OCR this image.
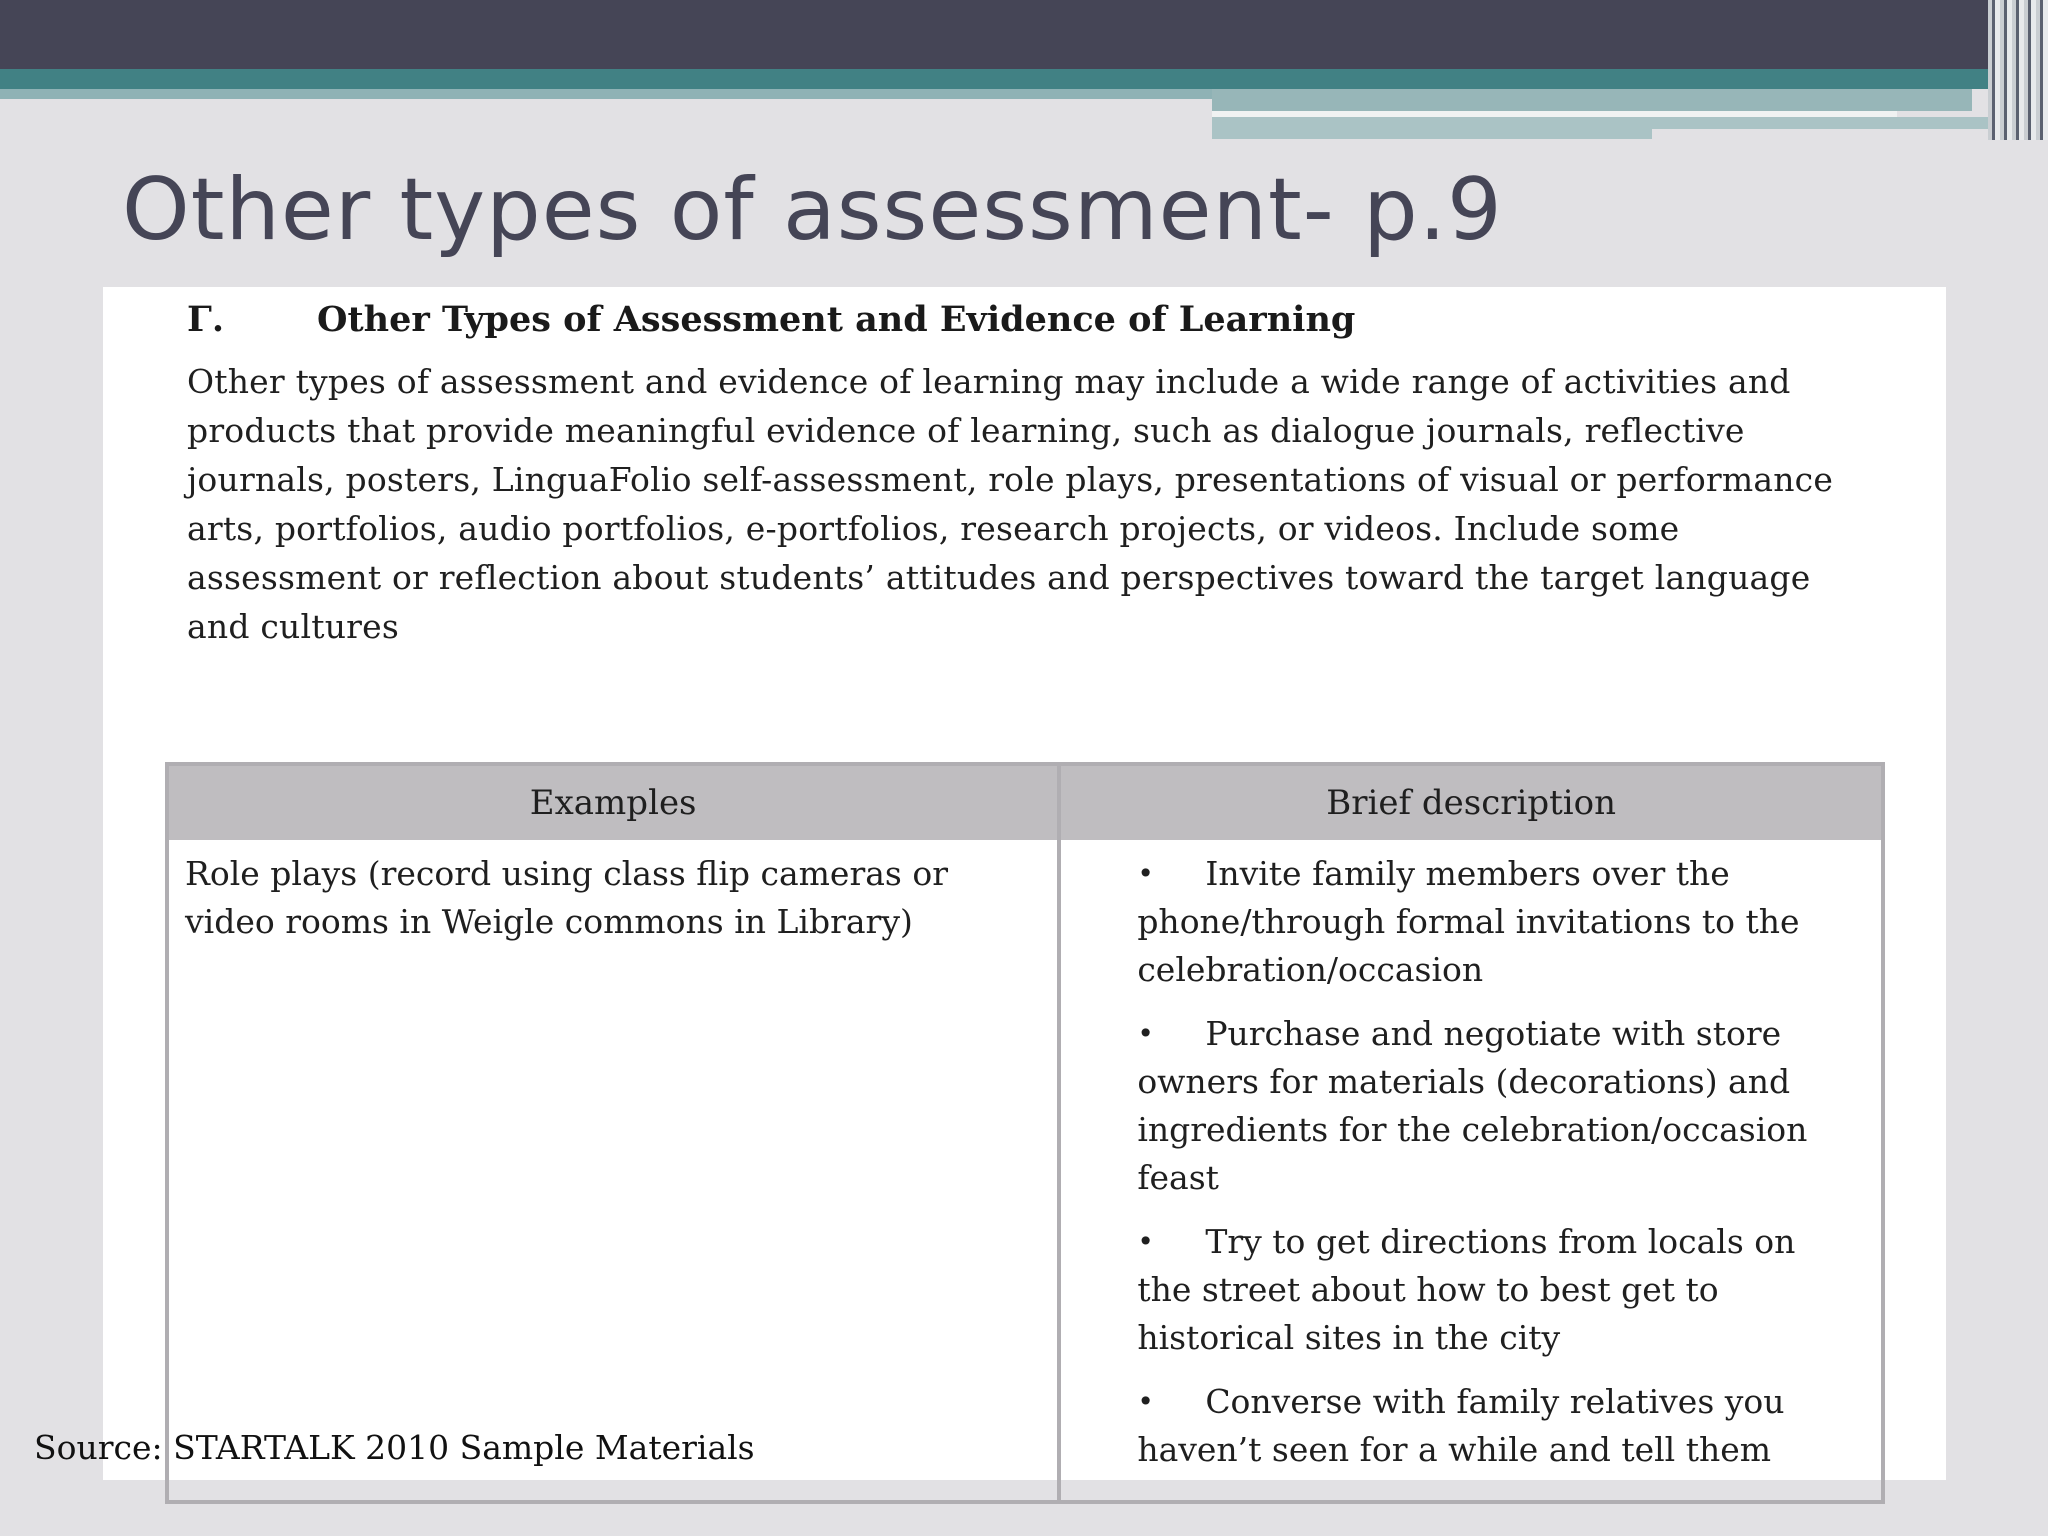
Other types of assessment- p.9
Γ.	Other Types of Assessment and Evidence of Learning

Other types of assessment and evidence of learning may include a wide range of activities and
products that provide meaningful evidence of learning, such as dialogue journals, reflective
journals, posters, LinguaFolio self-assessment, role plays, presentations of visual or performance
arts, portfolios, audio portfolios, e-portfolios, research projects, or videos. Include some
assessment or reflection about students’ attitudes and perspectives toward the target language
and cultures

Examples	Brief description
Role plays (record using class flip cameras or video rooms in Weigle commons in Library)	• Invite family members over the phone/through formal invitations to the celebration/occasion
• Purchase and negotiate with store owners for materials (decorations) and ingredients for the celebration/occasion feast
• Try to get directions from locals on the street about how to best get to historical sites in the city
• Converse with family relatives you haven’t seen for a while and tell them
Source: STARTALK 2010 Sample Materials
